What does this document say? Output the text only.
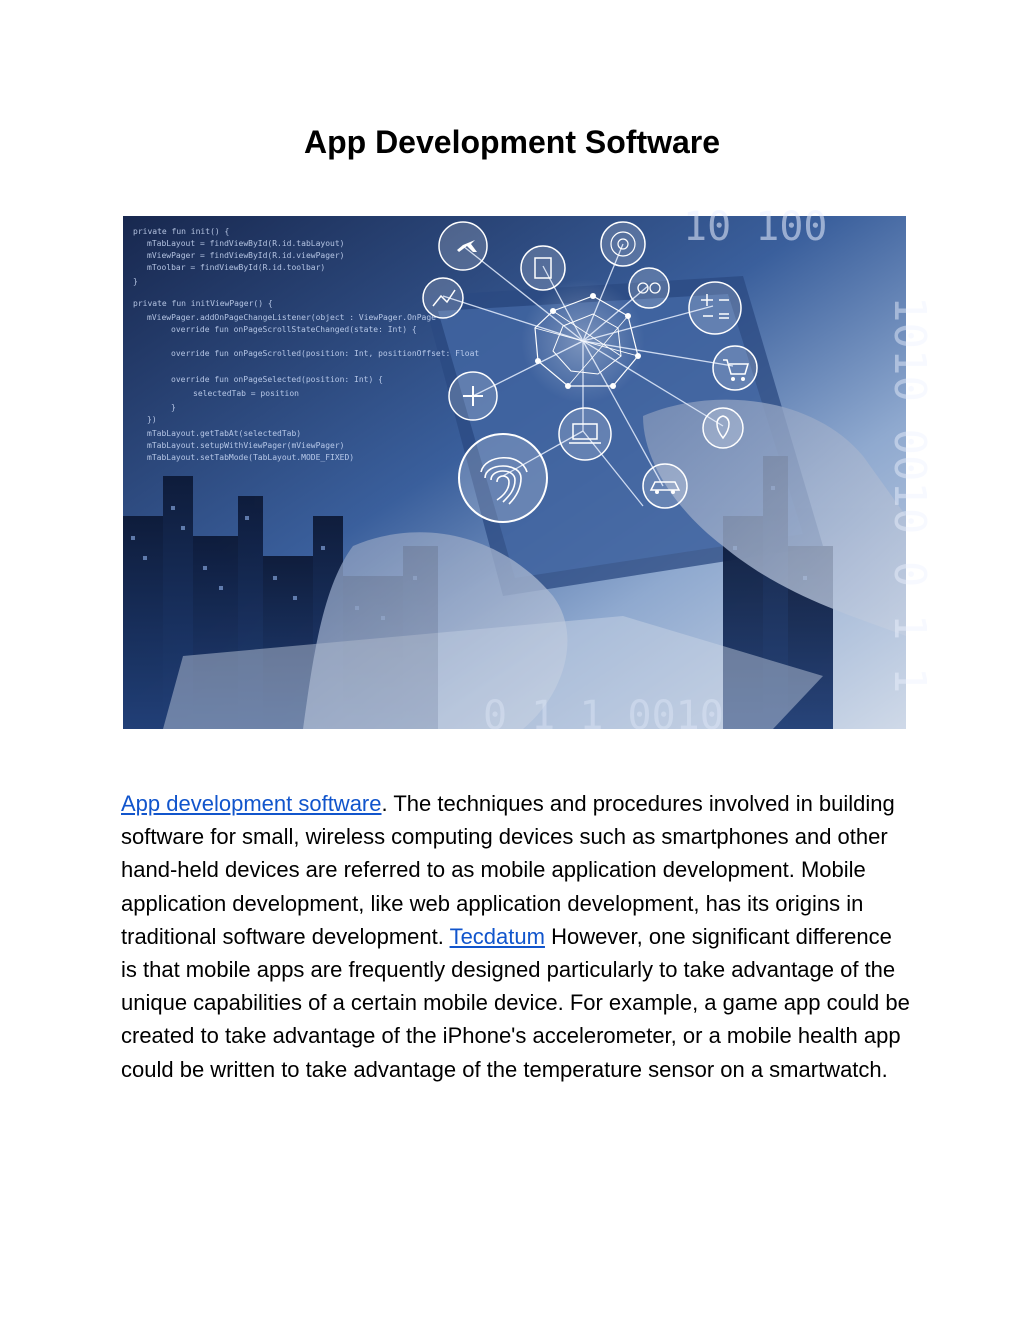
App Development Software
private fun init() {
mTabLayout = findViewById(R.id.tabLayout)
mViewPager = findViewById(R.id.viewPager)
mToolbar = findViewById(R.id.toolbar)
}
private fun initViewPager() {
mViewPager.addOnPageChangeListener(object : ViewPager.OnPage
override fun onPageScrollStateChanged(state: Int) {
override fun onPageScrolled(position: Int, positionOffset: Float
override fun onPageSelected(position: Int) {
selectedTab = position
}
})
mTabLayout.getTabAt(selectedTab)
mTabLayout.setupWithViewPager(mViewPager)
mTabLayout.setTabMode(TabLayout.MODE_FIXED)
10 100
1010 0010 0 1 1
0 1 1 0010

App development software. The techniques and procedures involved in building software for small, wireless computing devices such as smartphones and other hand-held devices are referred to as mobile application development. Mobile application development, like web application development, has its origins in traditional software development. Tecdatum However, one significant difference is that mobile apps are frequently designed particularly to take advantage of the unique capabilities of a certain mobile device. For example, a game app could be created to take advantage of the iPhone's accelerometer, or a mobile health app could be written to take advantage of the temperature sensor on a smartwatch.
